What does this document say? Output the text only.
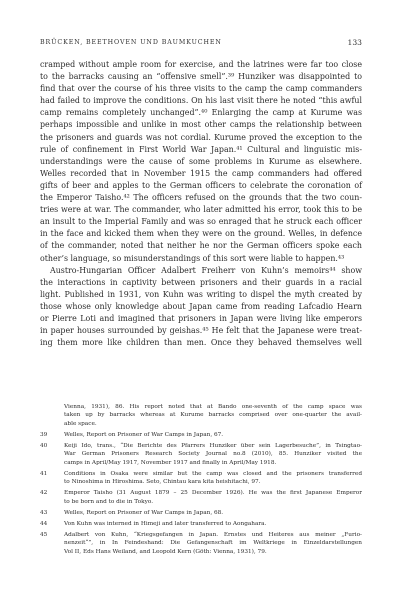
BRÜCKEN, BEETHOVEN UND BAUMKUCHEN	133
cramped without ample room for exercise, and the latrines were far too close
to the barracks causing an “offensive smell”.³⁹ Hunziker was disappointed to
find that over the course of his three visits to the camp the camp commanders
had failed to improve the conditions. On his last visit there he noted “this awful
camp remains completely unchanged”.⁴⁰ Enlarging the camp at Kurume was
perhaps impossible and unlike in most other camps the relationship between
the prisoners and guards was not cordial. Kurume proved the exception to the
rule of confinement in First World War Japan.⁴¹ Cultural and linguistic mis-
understandings were the cause of some problems in Kurume as elsewhere.
Welles recorded that in November 1915 the camp commanders had offered
gifts of beer and apples to the German officers to celebrate the coronation of
the Emperor Taisho.⁴² The officers refused on the grounds that the two coun-
tries were at war. The commander, who later admitted his error, took this to be
an insult to the Imperial Family and was so enraged that he struck each officer
in the face and kicked them when they were on the ground. Welles, in defence
of the commander, noted that neither he nor the German officers spoke each
other’s language, so misunderstandings of this sort were liable to happen.⁴³
Austro-Hungarian Officer Adalbert Freiherr von Kuhn’s memoirs⁴⁴ show
the interactions in captivity between prisoners and their guards in a racial
light. Published in 1931, von Kuhn was writing to dispel the myth created by
those whose only knowledge about Japan came from reading Lafcadio Hearn
or Pierre Loti and imagined that prisoners in Japan were living like emperors
in paper houses surrounded by geishas.⁴⁵ He felt that the Japanese were treat-
ing them more like children than men. Once they behaved themselves well
Vienna, 1931), 86. His report noted that at Bando one-seventh of the camp space was
taken up by barracks whereas at Kurume barracks comprised over one-quarter the avail-
able space.
39	Welles, Report on Prisoner of War Camps in Japan, 67.
40	Keiji Ido, trans., “Die Berichte des Pfarrers Hunziker über sein Lagerbesuche”, in Tsingtao-
War German Prisoners Research Society Journal no.8 (2010), 85. Hunziker visited the
camps in April/May 1917, November 1917 and finally in April/May 1918.
41	Conditions in Osaka were similar but the camp was closed and the prisoners transferred
to Ninoshima in Hiroshima. Seto, Chintau kara kita heishitachi, 97.
42	Emperor Taisho (31 August 1879 – 25 December 1926). He was the first Japanese Emperor
to be born and to die in Tokyo.
43	Welles, Report on Prisoner of War Camps in Japan, 68.
44	Von Kuhn was interned in Himeji and later transferred to Aongahara.
45	Adalbert von Kuhn, “Kriegsgefangen in Japan. Ernstes und Heiteres aus meiner „Furio-
nenzeit“”, in In Feindeshand: Die Gefangenschaft im Weltkriege in Einzeldarstellungen
Vol II, Eds Hans Weiland, and Leopold Kern (Göth: Vienna, 1931), 79.
